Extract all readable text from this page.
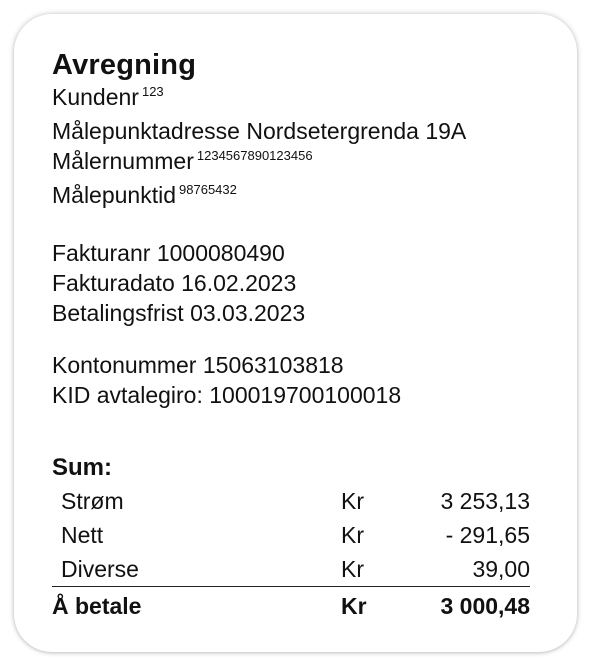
Avregning
Kundenr $^{123}$
Målepunktadresse Nordsetergrenda 19A
Målernummer $^{1234567890123456}$
Målepunktid $^{98765432}$
Fakturanr 1000080490
Fakturadato 16.02.2023
Betalingsfrist 03.03.2023
Kontonummer 15063103818
KID avtalegiro: 100019700100018
Sum:
Strøm	Kr	3 253,13
Nett	Kr	- 291,65
Diverse	Kr	39,00
Å betale	Kr	3 000,48
